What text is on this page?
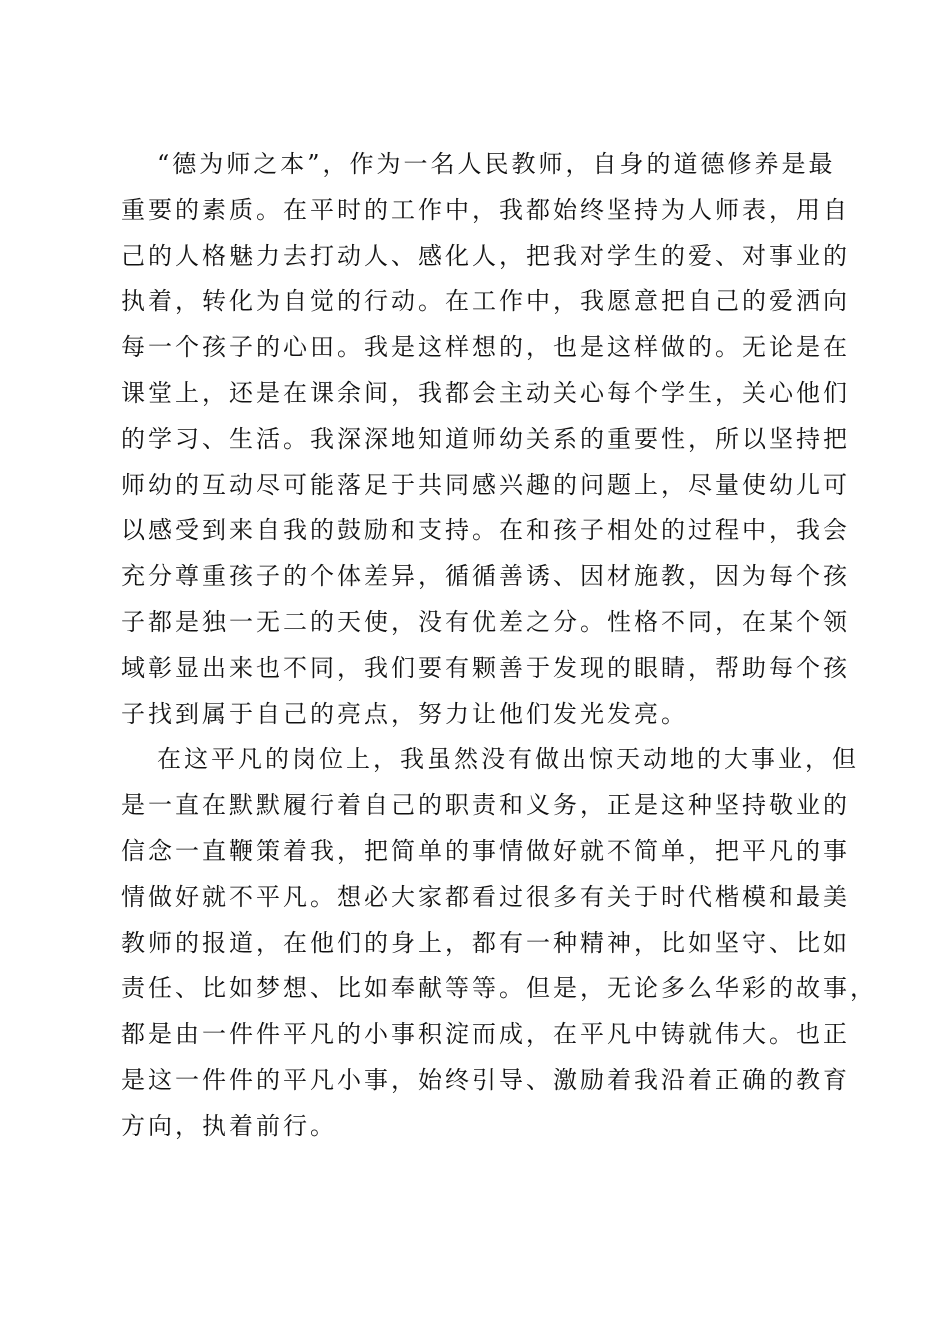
“德为师之本”，作为一名人民教师，自身的道德修养是最
重要的素质。在平时的工作中，我都始终坚持为人师表，用自
己的人格魅力去打动人、感化人，把我对学生的爱、对事业的
执着，转化为自觉的行动。在工作中，我愿意把自己的爱洒向
每一个孩子的心田。我是这样想的，也是这样做的。无论是在
课堂上，还是在课余间，我都会主动关心每个学生，关心他们
的学习、生活。我深深地知道师幼关系的重要性，所以坚持把
师幼的互动尽可能落足于共同感兴趣的问题上，尽量使幼儿可
以感受到来自我的鼓励和支持。在和孩子相处的过程中，我会
充分尊重孩子的个体差异，循循善诱、因材施教，因为每个孩
子都是独一无二的天使，没有优差之分。性格不同，在某个领
域彰显出来也不同，我们要有颗善于发现的眼睛，帮助每个孩
子找到属于自己的亮点，努力让他们发光发亮。
在这平凡的岗位上，我虽然没有做出惊天动地的大事业，但
是一直在默默履行着自己的职责和义务，正是这种坚持敬业的
信念一直鞭策着我，把简单的事情做好就不简单，把平凡的事
情做好就不平凡。想必大家都看过很多有关于时代楷模和最美
教师的报道，在他们的身上，都有一种精神，比如坚守、比如
责任、比如梦想、比如奉献等等。但是，无论多么华彩的故事，
都是由一件件平凡的小事积淀而成，在平凡中铸就伟大。也正
是这一件件的平凡小事，始终引导、激励着我沿着正确的教育
方向，执着前行。
